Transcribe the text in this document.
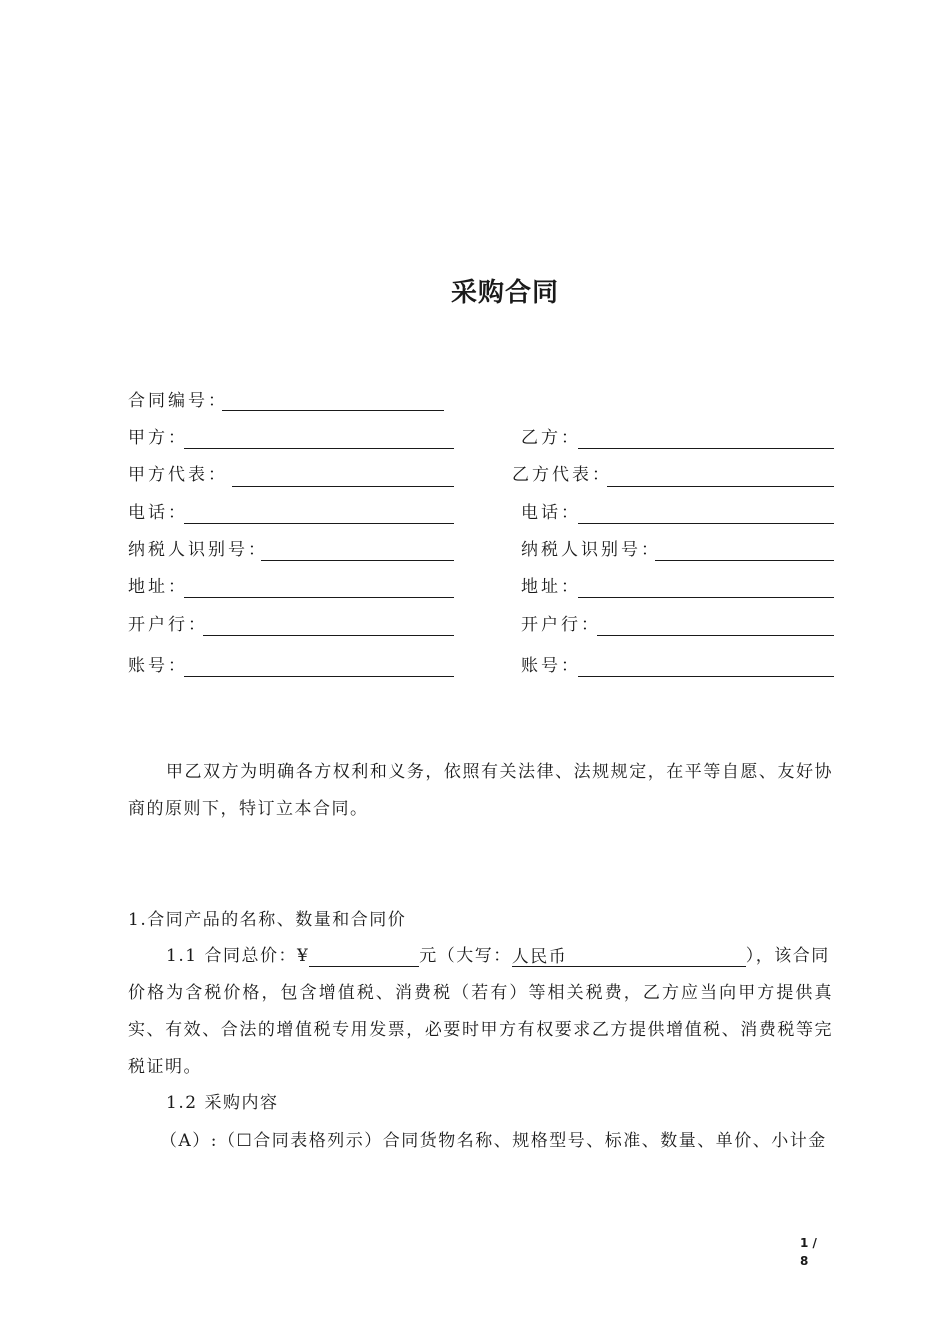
采购合同
合同编号：
甲方：
甲方代表：
电话：
纳税人识别号：
地址：
开户行：
账号：
乙方：
乙方代表：
电话：
纳税人识别号：
地址：
开户行：
账号：
甲乙双方为明确各方权利和义务，依照有关法律、法规规定，在平等自愿、友好协商的原则下，特订立本合同。
1.合同产品的名称、数量和合同价
1.1 合同总价：¥	元（大写：人民币	），该合同
价格为含税价格，包含增值税、消费税（若有）等相关税费，乙方应当向甲方提供真实、有效、合法的增值税专用发票，必要时甲方有权要求乙方提供增值税、消费税等完税证明。
1.2 采购内容
（A）:（☐合同表格列示）合同货物名称、规格型号、标准、数量、单价、小计金
1 /
8
